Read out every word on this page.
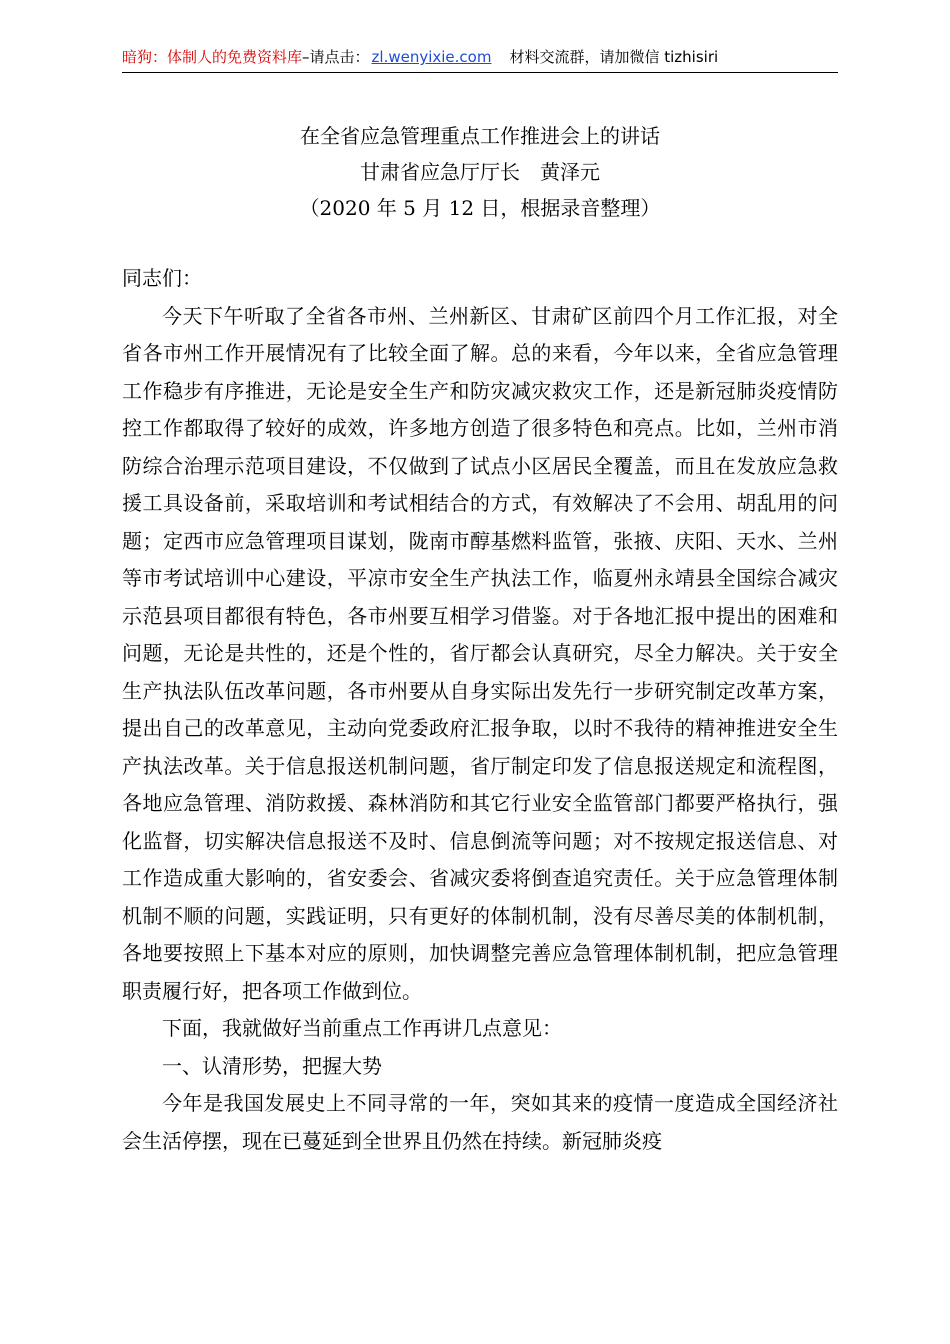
暗狗：体制人的免费资料库–请点击： zl.wenyixie.com 材料交流群，请加微信 tizhisiri
在全省应急管理重点工作推进会上的讲话
甘肃省应急厅厅长　黄泽元
（2020 年 5 月 12 日，根据录音整理）

同志们：

今天下午听取了全省各市州、兰州新区、甘肃矿区前四个月工作汇报，对全省各市州工作开展情况有了比较全面了解。总的来看，今年以来，全省应急管理工作稳步有序推进，无论是安全生产和防灾减灾救灾工作，还是新冠肺炎疫情防控工作都取得了较好的成效，许多地方创造了很多特色和亮点。比如，兰州市消防综合治理示范项目建设，不仅做到了试点小区居民全覆盖，而且在发放应急救援工具设备前，采取培训和考试相结合的方式，有效解决了不会用、胡乱用的问题；定西市应急管理项目谋划，陇南市醇基燃料监管，张掖、庆阳、天水、兰州等市考试培训中心建设，平凉市安全生产执法工作，临夏州永靖县全国综合减灾示范县项目都很有特色，各市州要互相学习借鉴。对于各地汇报中提出的困难和问题，无论是共性的，还是个性的，省厅都会认真研究，尽全力解决。关于安全生产执法队伍改革问题，各市州要从自身实际出发先行一步研究制定改革方案，提出自己的改革意见，主动向党委政府汇报争取，以时不我待的精神推进安全生产执法改革。关于信息报送机制问题，省厅制定印发了信息报送规定和流程图，各地应急管理、消防救援、森林消防和其它行业安全监管部门都要严格执行，强化监督，切实解决信息报送不及时、信息倒流等问题；对不按规定报送信息、对工作造成重大影响的，省安委会、省减灾委将倒查追究责任。关于应急管理体制机制不顺的问题，实践证明，只有更好的体制机制，没有尽善尽美的体制机制，各地要按照上下基本对应的原则，加快调整完善应急管理体制机制，把应急管理职责履行好，把各项工作做到位。

下面，我就做好当前重点工作再讲几点意见：

一、认清形势，把握大势

今年是我国发展史上不同寻常的一年，突如其来的疫情一度造成全国经济社会生活停摆，现在已蔓延到全世界且仍然在持续。新冠肺炎疫
